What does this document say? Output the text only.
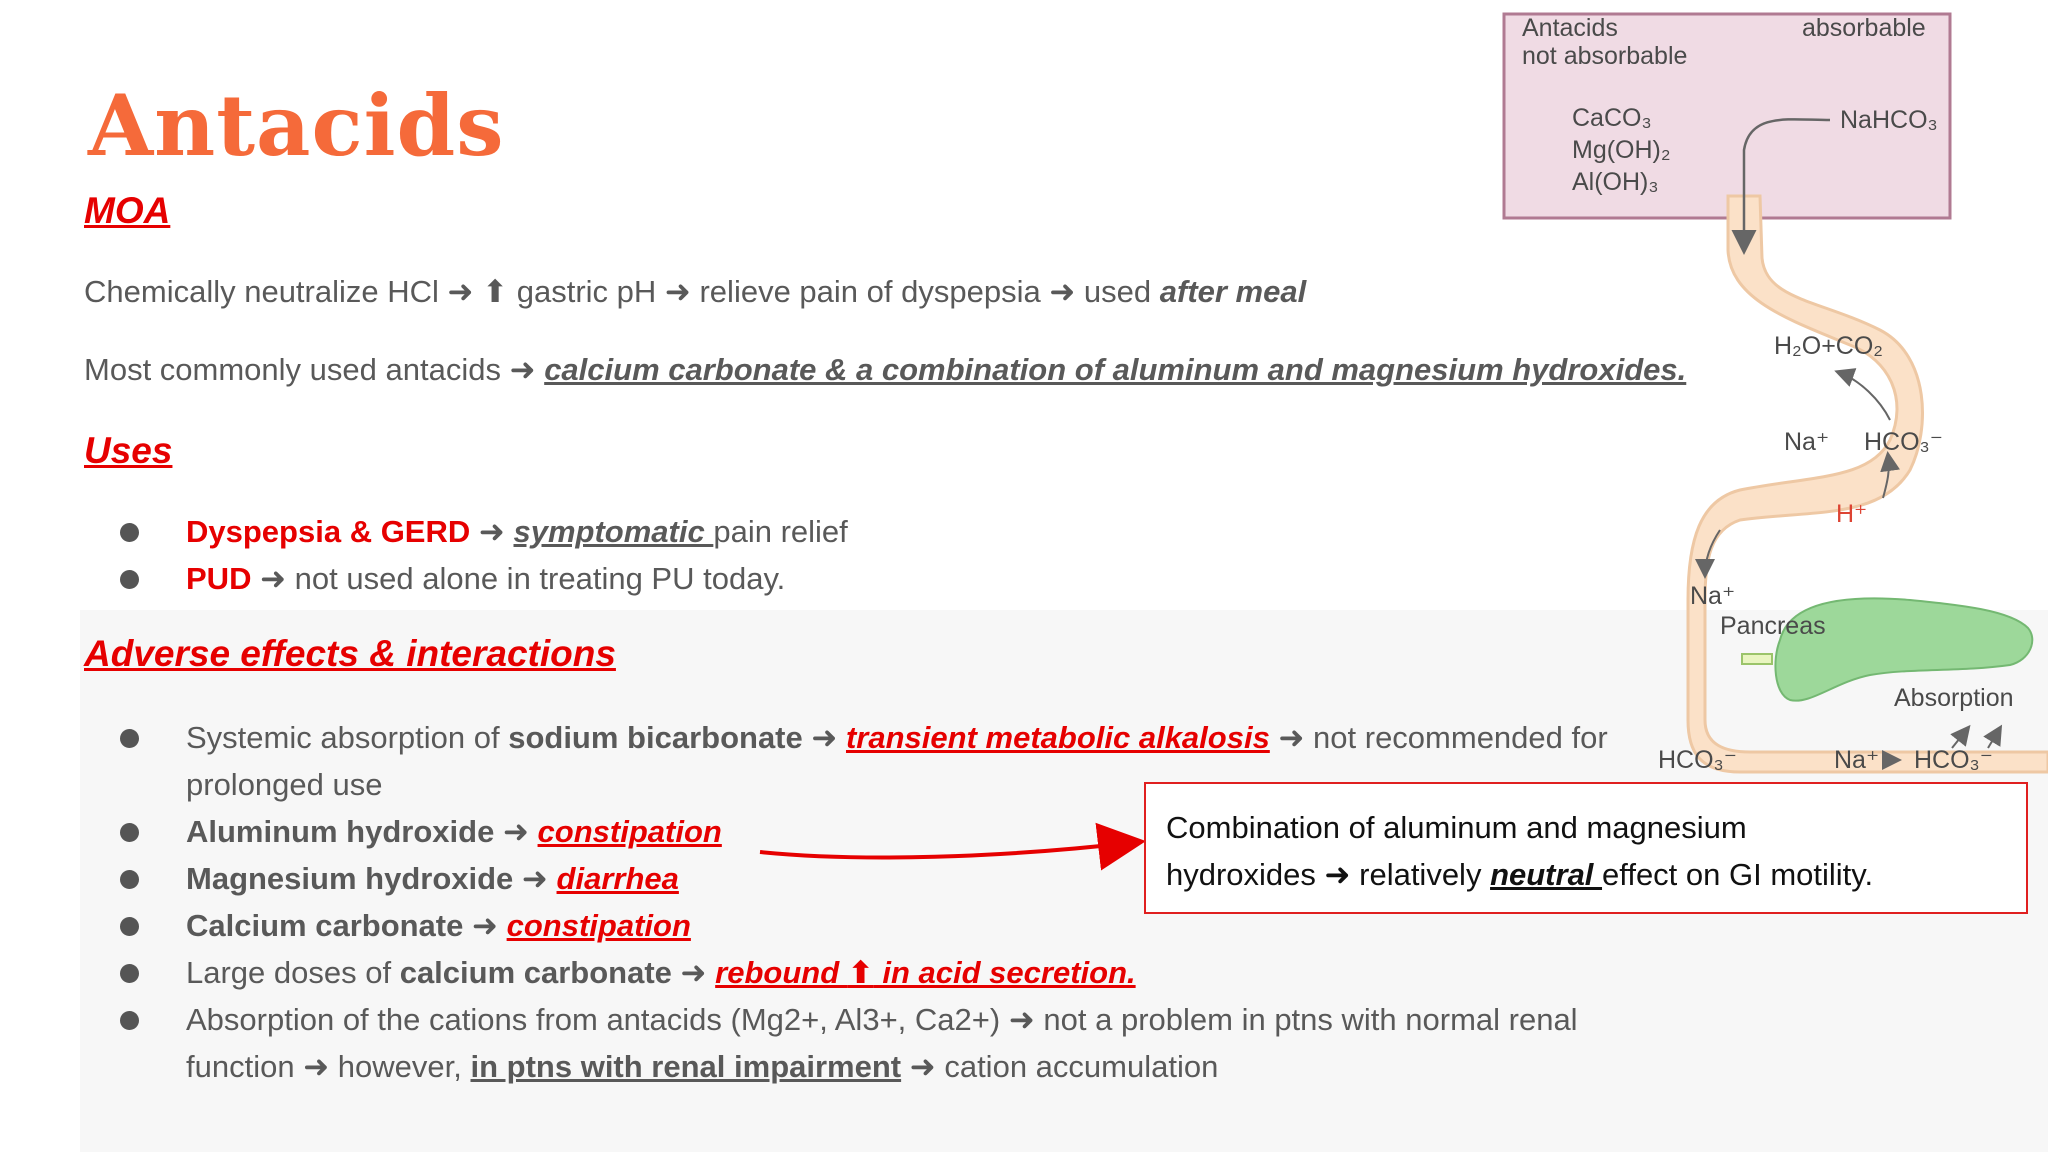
Antacids
MOA

Chemically neutralize HCl ➜ ⬆ gastric pH ➜ relieve pain of dyspepsia ➜ used after meal

Most commonly used antacids ➜ calcium carbonate & a combination of aluminum and magnesium hydroxides.

Uses
Dyspepsia & GERD ➜ symptomatic pain relief
PUD ➜ not used alone in treating PU today.
Adverse effects & interactions
Systemic absorption of sodium bicarbonate ➜ transient metabolic alkalosis ➜ not recommended for
prolonged use
Aluminum hydroxide ➜ constipation
Magnesium hydroxide ➜ diarrhea
Calcium carbonate ➜ constipation
Large doses of calcium carbonate ➜ rebound ⬆ in acid secretion.
Absorption of the cations from antacids (Mg2+, Al3+, Ca2+) ➜ not a problem in ptns with normal renal
function ➜ however, in ptns with renal impairment ➜ cation accumulation
Antacids
not absorbable
absorbable
CaCO₃
Mg(OH)₂
Al(OH)₃
NaHCO₃
H₂O+CO₂
Na⁺ HCO₃⁻
H⁺
Na⁺
Pancreas
Absorption
HCO₃⁻	Na⁺ HCO₃⁻
Combination of aluminum and magnesium
hydroxides ➜ relatively neutral effect on GI motility.
